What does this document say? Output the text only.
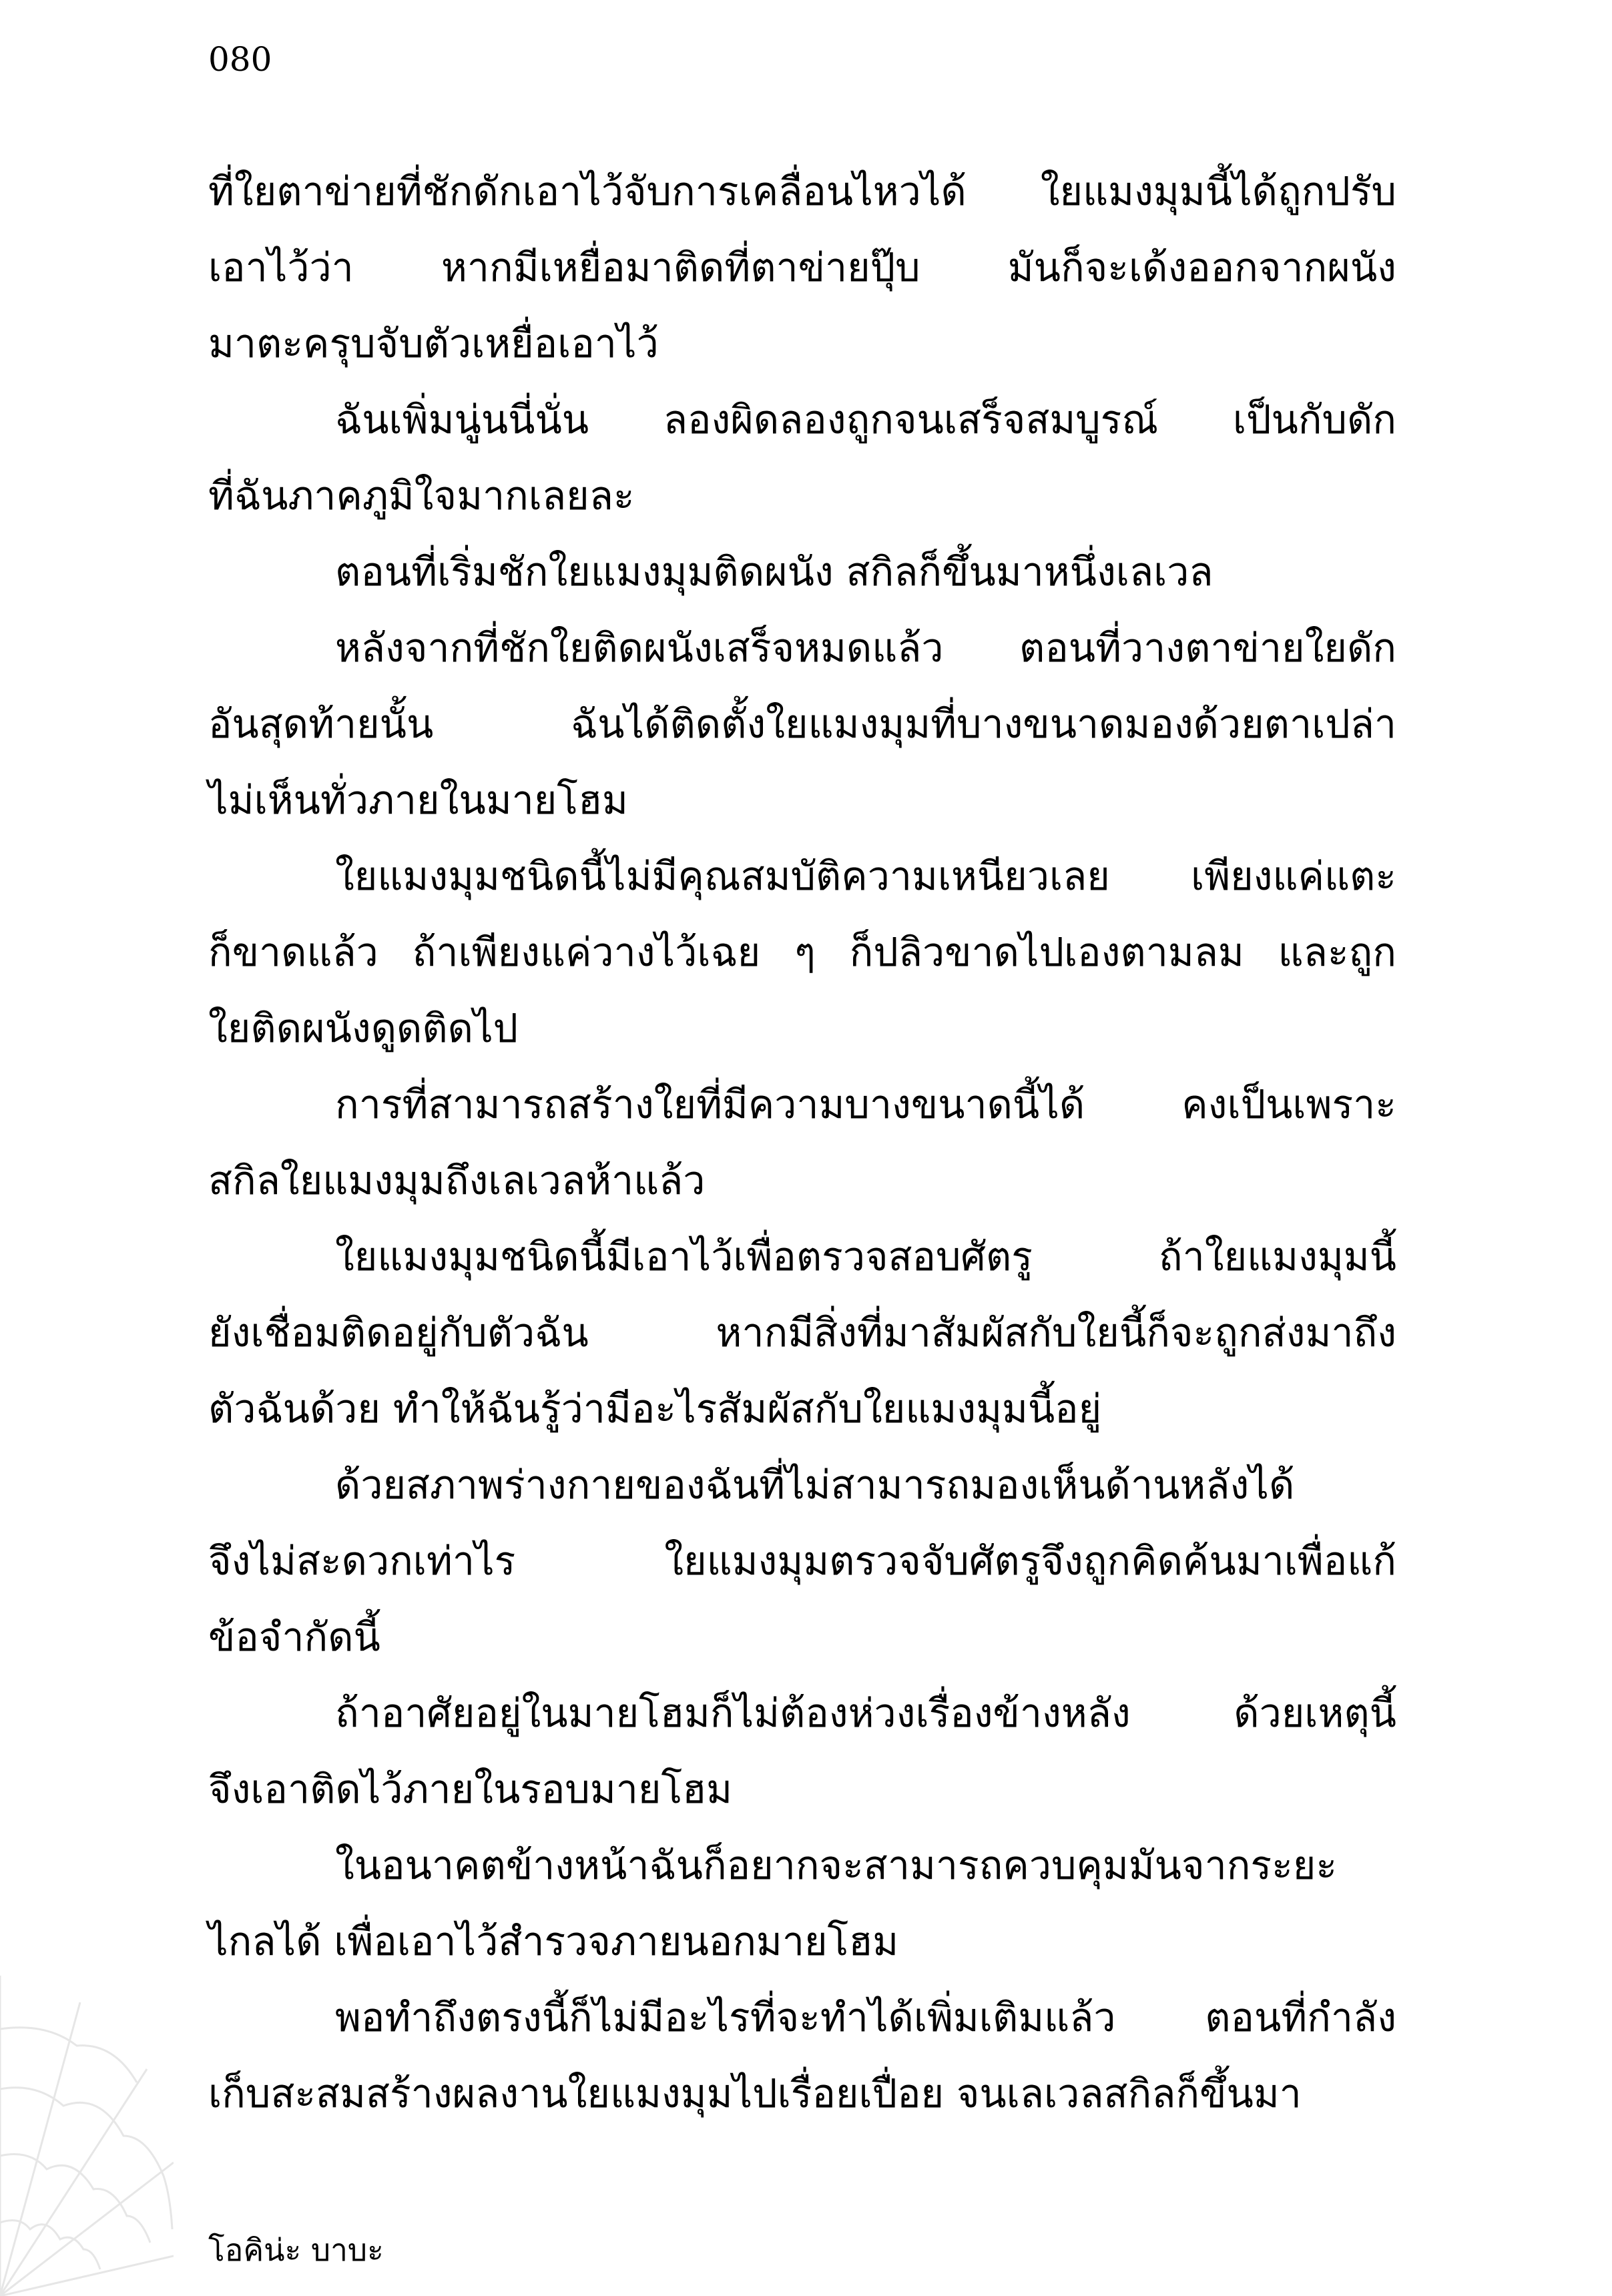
080
ที่ใยตาข่ายที่ชักดักเอาไว้จับการเคลื่อนไหวได้ ใยแมงมุมนี้ได้ถูกปรับ
เอาไว้ว่า หากมีเหยื่อมาติดที่ตาข่ายปุ๊บ มันก็จะเด้งออกจากผนัง
มาตะครุบจับตัวเหยื่อเอาไว้
ฉันเพิ่มนู่นนี่นั่น ลองผิดลองถูกจนเสร็จสมบูรณ์ เป็นกับดัก
ที่ฉันภาคภูมิใจมากเลยละ
ตอนที่เริ่มชักใยแมงมุมติดผนัง สกิลก็ขึ้นมาหนึ่งเลเวล
หลังจากที่ชักใยติดผนังเสร็จหมดแล้ว ตอนที่วางตาข่ายใยดัก
อันสุดท้ายนั้น ฉันได้ติดตั้งใยแมงมุมที่บางขนาดมองด้วยตาเปล่า
ไม่เห็นทั่วภายในมายโฮม
ใยแมงมุมชนิดนี้ไม่มีคุณสมบัติความเหนียวเลย เพียงแค่แตะ
ก็ขาดแล้ว ถ้าเพียงแค่วางไว้เฉย ๆ ก็ปลิวขาดไปเองตามลม และถูก
ใยติดผนังดูดติดไป
การที่สามารถสร้างใยที่มีความบางขนาดนี้ได้ คงเป็นเพราะ
สกิลใยแมงมุมถึงเลเวลห้าแล้ว
ใยแมงมุมชนิดนี้มีเอาไว้เพื่อตรวจสอบศัตรู ถ้าใยแมงมุมนี้
ยังเชื่อมติดอยู่กับตัวฉัน หากมีสิ่งที่มาสัมผัสกับใยนี้ก็จะถูกส่งมาถึง
ตัวฉันด้วย ทำให้ฉันรู้ว่ามีอะไรสัมผัสกับใยแมงมุมนี้อยู่
ด้วยสภาพร่างกายของฉันที่ไม่สามารถมองเห็นด้านหลังได้
จึงไม่สะดวกเท่าไร ใยแมงมุมตรวจจับศัตรูจึงถูกคิดค้นมาเพื่อแก้
ข้อจำกัดนี้
ถ้าอาศัยอยู่ในมายโฮมก็ไม่ต้องห่วงเรื่องข้างหลัง ด้วยเหตุนี้
จึงเอาติดไว้ภายในรอบมายโฮม
ในอนาคตข้างหน้าฉันก็อยากจะสามารถควบคุมมันจากระยะ
ไกลได้ เพื่อเอาไว้สำรวจภายนอกมายโฮม
พอทำถึงตรงนี้ก็ไม่มีอะไรที่จะทำได้เพิ่มเติมแล้ว ตอนที่กำลัง
เก็บสะสมสร้างผลงานใยแมงมุมไปเรื่อยเปื่อย จนเลเวลสกิลก็ขึ้นมา
โอคิน่ะ บาบะ
